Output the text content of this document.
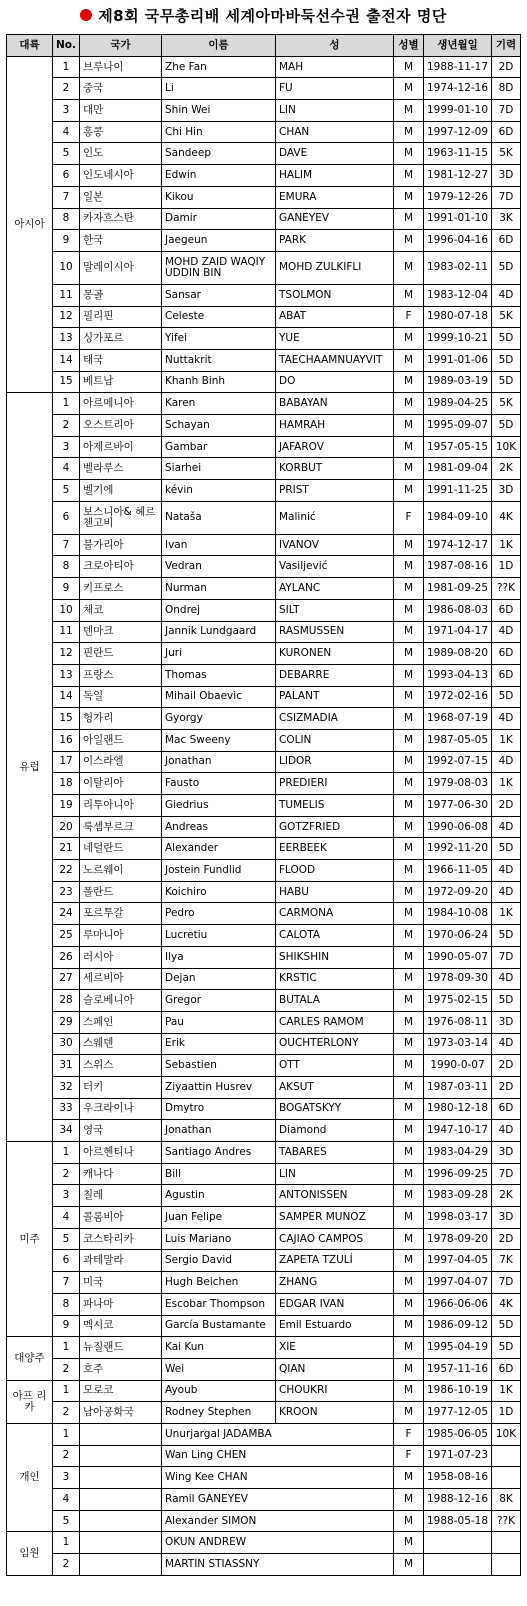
제8회 국무총리배 세계아마바둑선수권 출전자 명단
대륙	No.	국가	이름	성	성별	생년월일	기력
아시아	1	브루나이	Zhe Fan	MAH	M	1988-11-17	2D
	2	중국	Li	FU	M	1974-12-16	8D
	3	대만	Shin Wei	LIN	M	1999-01-10	7D
	4	홍콩	Chi Hin	CHAN	M	1997-12-09	6D
	5	인도	Sandeep	DAVE	M	1963-11-15	5K
	6	인도네시아	Edwin	HALIM	M	1981-12-27	3D
	7	일본	Kikou	EMURA	M	1979-12-26	7D
	8	카자흐스탄	Damir	GANEYEV	M	1991-01-10	3K
	9	한국	Jaegeun	PARK	M	1996-04-16	6D
	10	말레이시아	MOHD ZAID WAQIY UDDIN BIN	MOHD ZULKIFLI	M	1983-02-11	5D
	11	몽골	Sansar	TSOLMON	M	1983-12-04	4D
	12	필리핀	Celeste	ABAT	F	1980-07-18	5K
	13	싱가포르	Yifei	YUE	M	1999-10-21	5D
	14	태국	Nuttakrit	TAECHAAMNUAYVIT	M	1991-01-06	5D
	15	베트남	Khanh Binh	DO	M	1989-03-19	5D
유럽	1	아르메니아	Karen	BABAYAN	M	1989-04-25	5K
	2	오스트리아	Schayan	HAMRAH	M	1995-09-07	5D
	3	아제르바이	Gambar	JAFAROV	M	1957-05-15	10K
	4	벨라루스	Siarhei	KORBUT	M	1981-09-04	2K
	5	벨기에	kévin	PRIST	M	1991-11-25	3D
	6	보스니아& 헤르첸고비	Nataša	Malinić	F	1984-09-10	4K
	7	불가리아	Ivan	IVANOV	M	1974-12-17	1K
	8	크로아티아	Vedran	Vasiljević	M	1987-08-16	1D
	9	키프로스	Nurman	AYLANC	M	1981-09-25	??K
	10	체코	Ondrej	SILT	M	1986-08-03	6D
	11	덴마크	Jannik Lundgaard	RASMUSSEN	M	1971-04-17	4D
	12	핀란드	Juri	KURONEN	M	1989-08-20	6D
	13	프랑스	Thomas	DEBARRE	M	1993-04-13	6D
	14	독일	Mihail Obaevic	PALANT	M	1972-02-16	5D
	15	헝가리	Gyorgy	CSIZMADIA	M	1968-07-19	4D
	16	아일랜드	Mac Sweeny	COLIN	M	1987-05-05	1K
	17	이스라엘	Jonathan	LIDOR	M	1992-07-15	4D
	18	이탈리아	Fausto	PREDIERI	M	1979-08-03	1K
	19	리투아니아	Giedrius	TUMELIS	M	1977-06-30	2D
	20	룩셈부르크	Andreas	GOTZFRIED	M	1990-06-08	4D
	21	네덜란드	Alexander	EERBEEK	M	1992-11-20	5D
	22	노르웨이	Jostein Fundlid	FLOOD	M	1966-11-05	4D
	23	폴란드	Koichiro	HABU	M	1972-09-20	4D
	24	포르투갈	Pedro	CARMONA	M	1984-10-08	1K
	25	루마니아	Lucretiu	CALOTA	M	1970-06-24	5D
	26	러시아	Ilya	SHIKSHIN	M	1990-05-07	7D
	27	세르비아	Dejan	KRSTIC	M	1978-09-30	4D
	28	슬로베니아	Gregor	BUTALA	M	1975-02-15	5D
	29	스페인	Pau	CARLES RAMOM	M	1976-08-11	3D
	30	스웨덴	Erik	OUCHTERLONY	M	1973-03-14	4D
	31	스위스	Sebastien	OTT	M	1990-0-07	2D
	32	터키	Ziyaattin Husrev	AKSUT	M	1987-03-11	2D
	33	우크라이나	Dmytro	BOGATSKYY	M	1980-12-18	6D
	34	영국	Jonathan	Diamond	M	1947-10-17	4D
미주	1	아르헨티나	Santiago Andres	TABARES	M	1983-04-29	3D
	2	캐나다	Bill	LIN	M	1996-09-25	7D
	3	칠레	Agustin	ANTONISSEN	M	1983-09-28	2K
	4	콜롬비아	Juan Felipe	SAMPER MUNOZ	M	1998-03-17	3D
	5	코스타리카	Luis Mariano	CAJIAO CAMPOS	M	1978-09-20	2D
	6	과테말라	Sergio David	ZAPETA TZULÍ	M	1997-04-05	7K
	7	미국	Hugh Beichen	ZHANG	M	1997-04-07	7D
	8	파나마	Escobar Thompson	EDGAR IVAN	M	1966-06-06	4K
	9	멕시코	García Bustamante	Emil Estuardo	M	1986-09-12	5D
대양주	1	뉴질랜드	Kai Kun	XIE	M	1995-04-19	5D
	2	호주	Wei	QIAN	M	1957-11-16	6D
아프 리카	1	모로코	Ayoub	CHOUKRI	M	1986-10-19	1K
	2	남아공화국	Rodney Stephen	KROON	M	1977-12-05	1D
개인	1		Unurjargal JADAMBA		F	1985-06-05	10K
	2		Wan Ling CHEN		F	1971-07-23	
	3		Wing Kee CHAN		M	1958-08-16	
	4		Ramil GANEYEV		M	1988-12-16	8K
	5		Alexander SIMON		M	1988-05-18	??K
임원	1		OKUN ANDREW		M		
	2		MARTIN STIASSNY		M		
